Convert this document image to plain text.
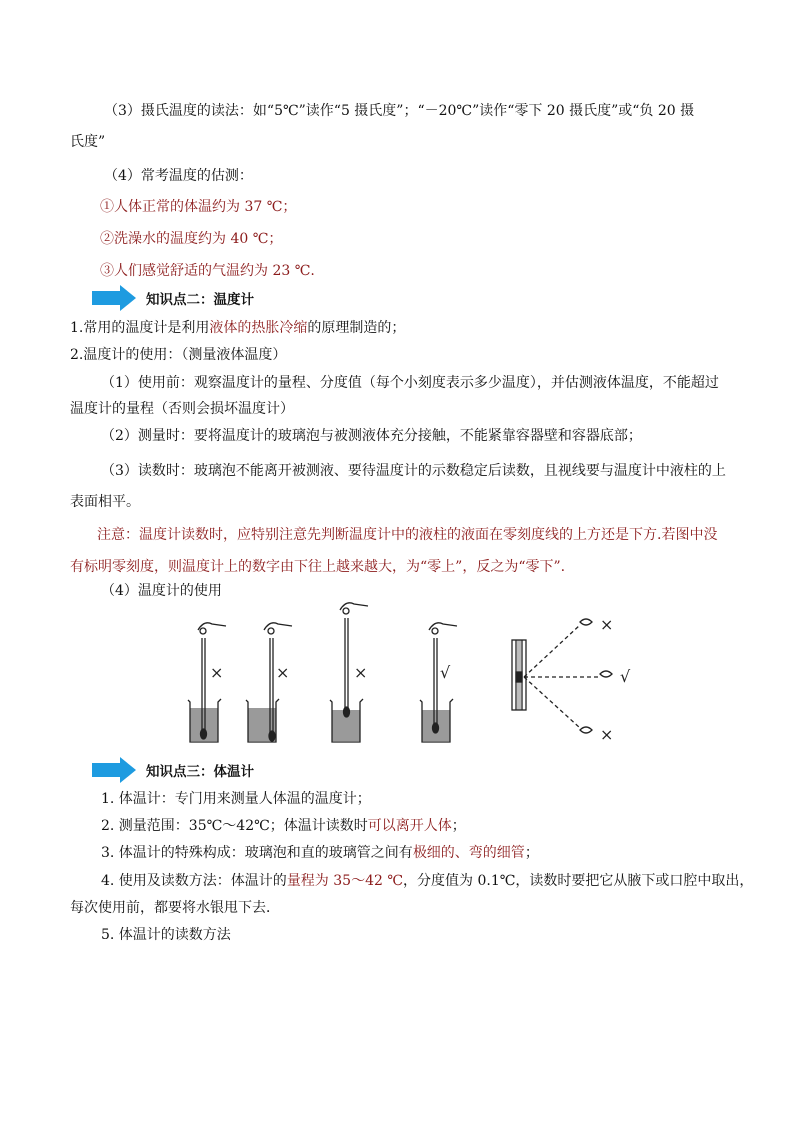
（3）摄氏温度的读法：如“5℃”读作“5 摄氏度”；“－20℃”读作“零下 20 摄氏度”或“负 20 摄
氏度”
（4）常考温度的估测：
①人体正常的体温约为 37 ℃；
②洗澡水的温度约为 40 ℃；
③人们感觉舒适的气温约为 23 ℃.
知识点二：温度计
1.常用的温度计是利用液体的热胀冷缩的原理制造的；
2.温度计的使用：（测量液体温度）
（1）使用前：观察温度计的量程、分度值（每个小刻度表示多少温度），并估测液体温度，不能超过
温度计的量程（否则会损坏温度计）
（2）测量时：要将温度计的玻璃泡与被测液体充分接触，不能紧靠容器壁和容器底部；
（3）读数时：玻璃泡不能离开被测液、要待温度计的示数稳定后读数，且视线要与温度计中液柱的上
表面相平。
注意：温度计读数时，应特别注意先判断温度计中的液柱的液面在零刻度线的上方还是下方.若图中没
有标明零刻度，则温度计上的数字由下往上越来越大，为“零上”，反之为“零下”.
（4）温度计的使用
×	×	×	√
×
√
×
知识点三：体温计
1. 体温计：专门用来测量人体温的温度计；
2. 测量范围：35℃～42℃；体温计读数时可以离开人体；
3. 体温计的特殊构成：玻璃泡和直的玻璃管之间有极细的、弯的细管；
4. 使用及读数方法：体温计的量程为 35～42 ℃，分度值为 0.1℃，读数时要把它从腋下或口腔中取出，
每次使用前，都要将水银甩下去．
5. 体温计的读数方法
